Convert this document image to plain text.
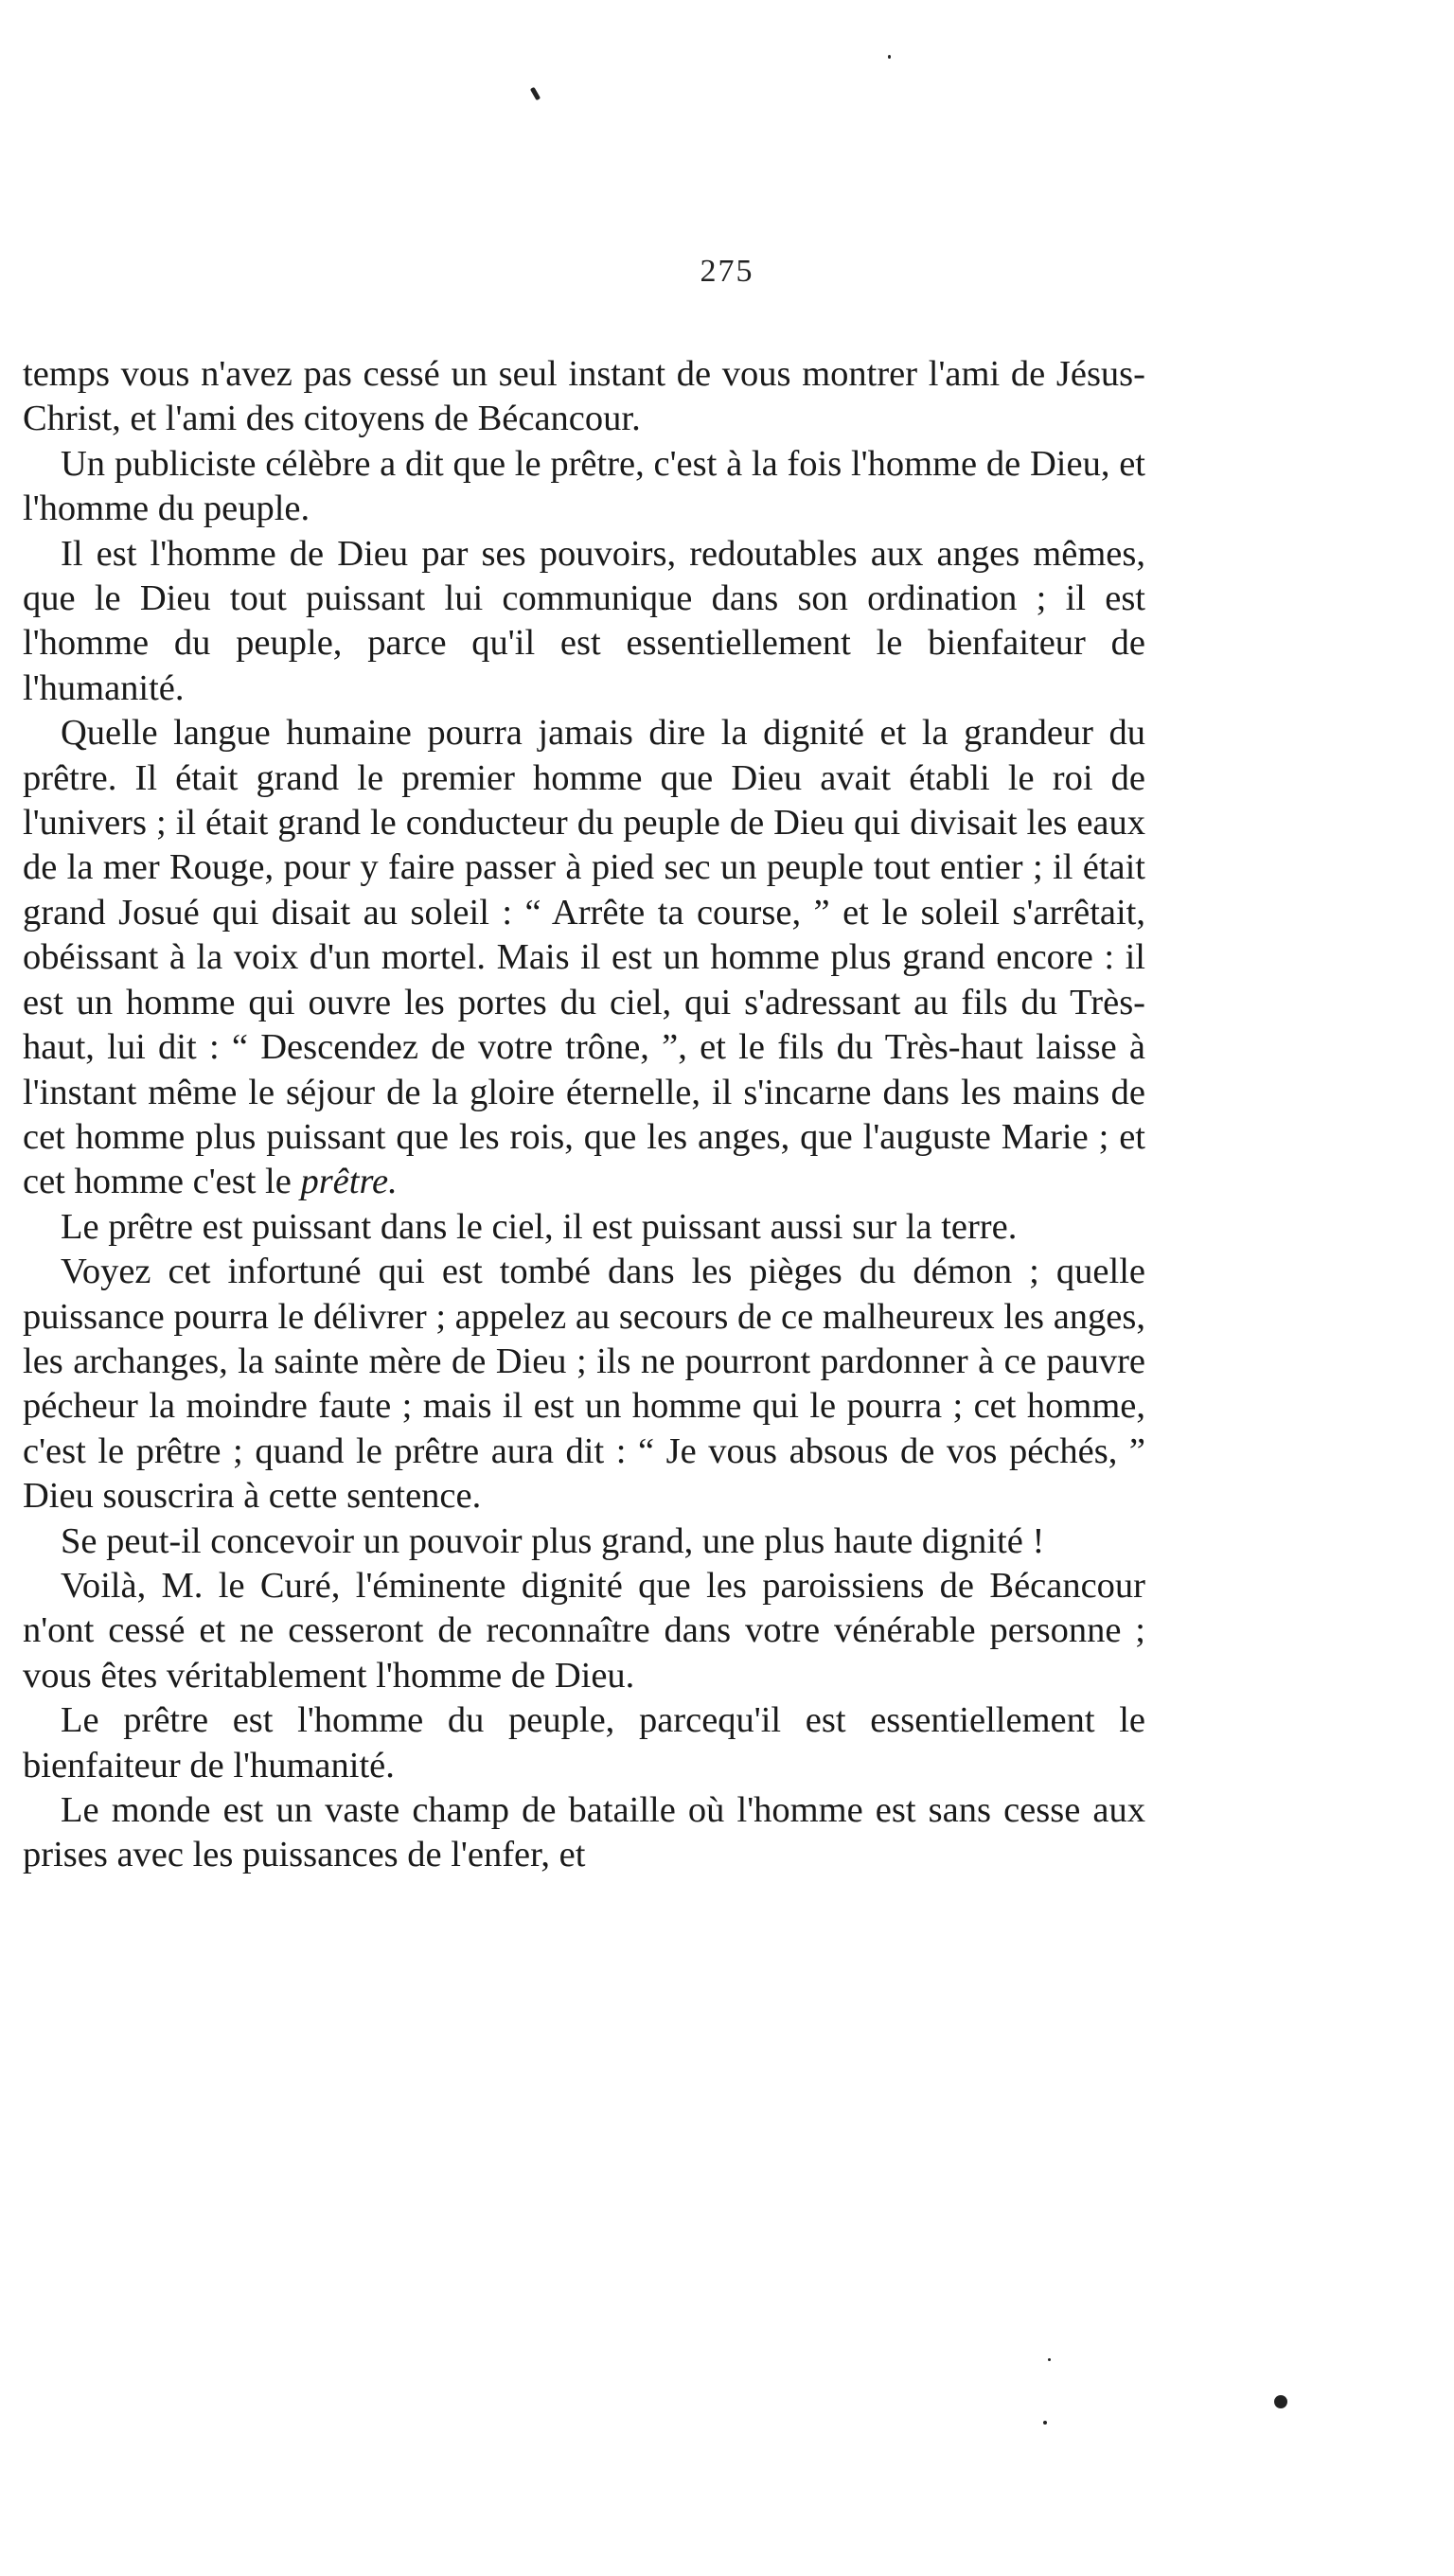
275

temps vous n'avez pas cessé un seul instant de vous montrer l'ami de Jésus-Christ, et l'ami des citoyens de Bécancour.

Un publiciste célèbre a dit que le prêtre, c'est à la fois l'homme de Dieu, et l'homme du peuple.

Il est l'homme de Dieu par ses pouvoirs, redoutables aux anges mêmes, que le Dieu tout puissant lui communique dans son ordination ; il est l'homme du peuple, parce qu'il est essentiellement le bienfaiteur de l'humanité.

Quelle langue humaine pourra jamais dire la dignité et la grandeur du prêtre. Il était grand le premier homme que Dieu avait établi le roi de l'univers ; il était grand le conducteur du peuple de Dieu qui divisait les eaux de la mer Rouge, pour y faire passer à pied sec un peuple tout entier ; il était grand Josué qui disait au soleil : “ Arrête ta course, ” et le soleil s'arrêtait, obéissant à la voix d'un mortel. Mais il est un homme plus grand encore : il est un homme qui ouvre les portes du ciel, qui s'adressant au fils du Très-haut, lui dit : “ Descendez de votre trône, ”, et le fils du Très-haut laisse à l'instant même le séjour de la gloire éternelle, il s'incarne dans les mains de cet homme plus puissant que les rois, que les anges, que l'auguste Marie ; et cet homme c'est le prêtre.

Le prêtre est puissant dans le ciel, il est puissant aussi sur la terre.

Voyez cet infortuné qui est tombé dans les pièges du démon ; quelle puissance pourra le délivrer ; appelez au secours de ce malheureux les anges, les archanges, la sainte mère de Dieu ; ils ne pourront pardonner à ce pauvre pécheur la moindre faute ; mais il est un homme qui le pourra ; cet homme, c'est le prêtre ; quand le prêtre aura dit : “ Je vous absous de vos péchés, ” Dieu souscrira à cette sentence.

Se peut-il concevoir un pouvoir plus grand, une plus haute dignité !

Voilà, M. le Curé, l'éminente dignité que les paroissiens de Bécancour n'ont cessé et ne cesseront de reconnaître dans votre vénérable personne ; vous êtes véritablement l'homme de Dieu.

Le prêtre est l'homme du peuple, parcequ'il est essentiellement le bienfaiteur de l'humanité.

Le monde est un vaste champ de bataille où l'homme est sans cesse aux prises avec les puissances de l'enfer, et
